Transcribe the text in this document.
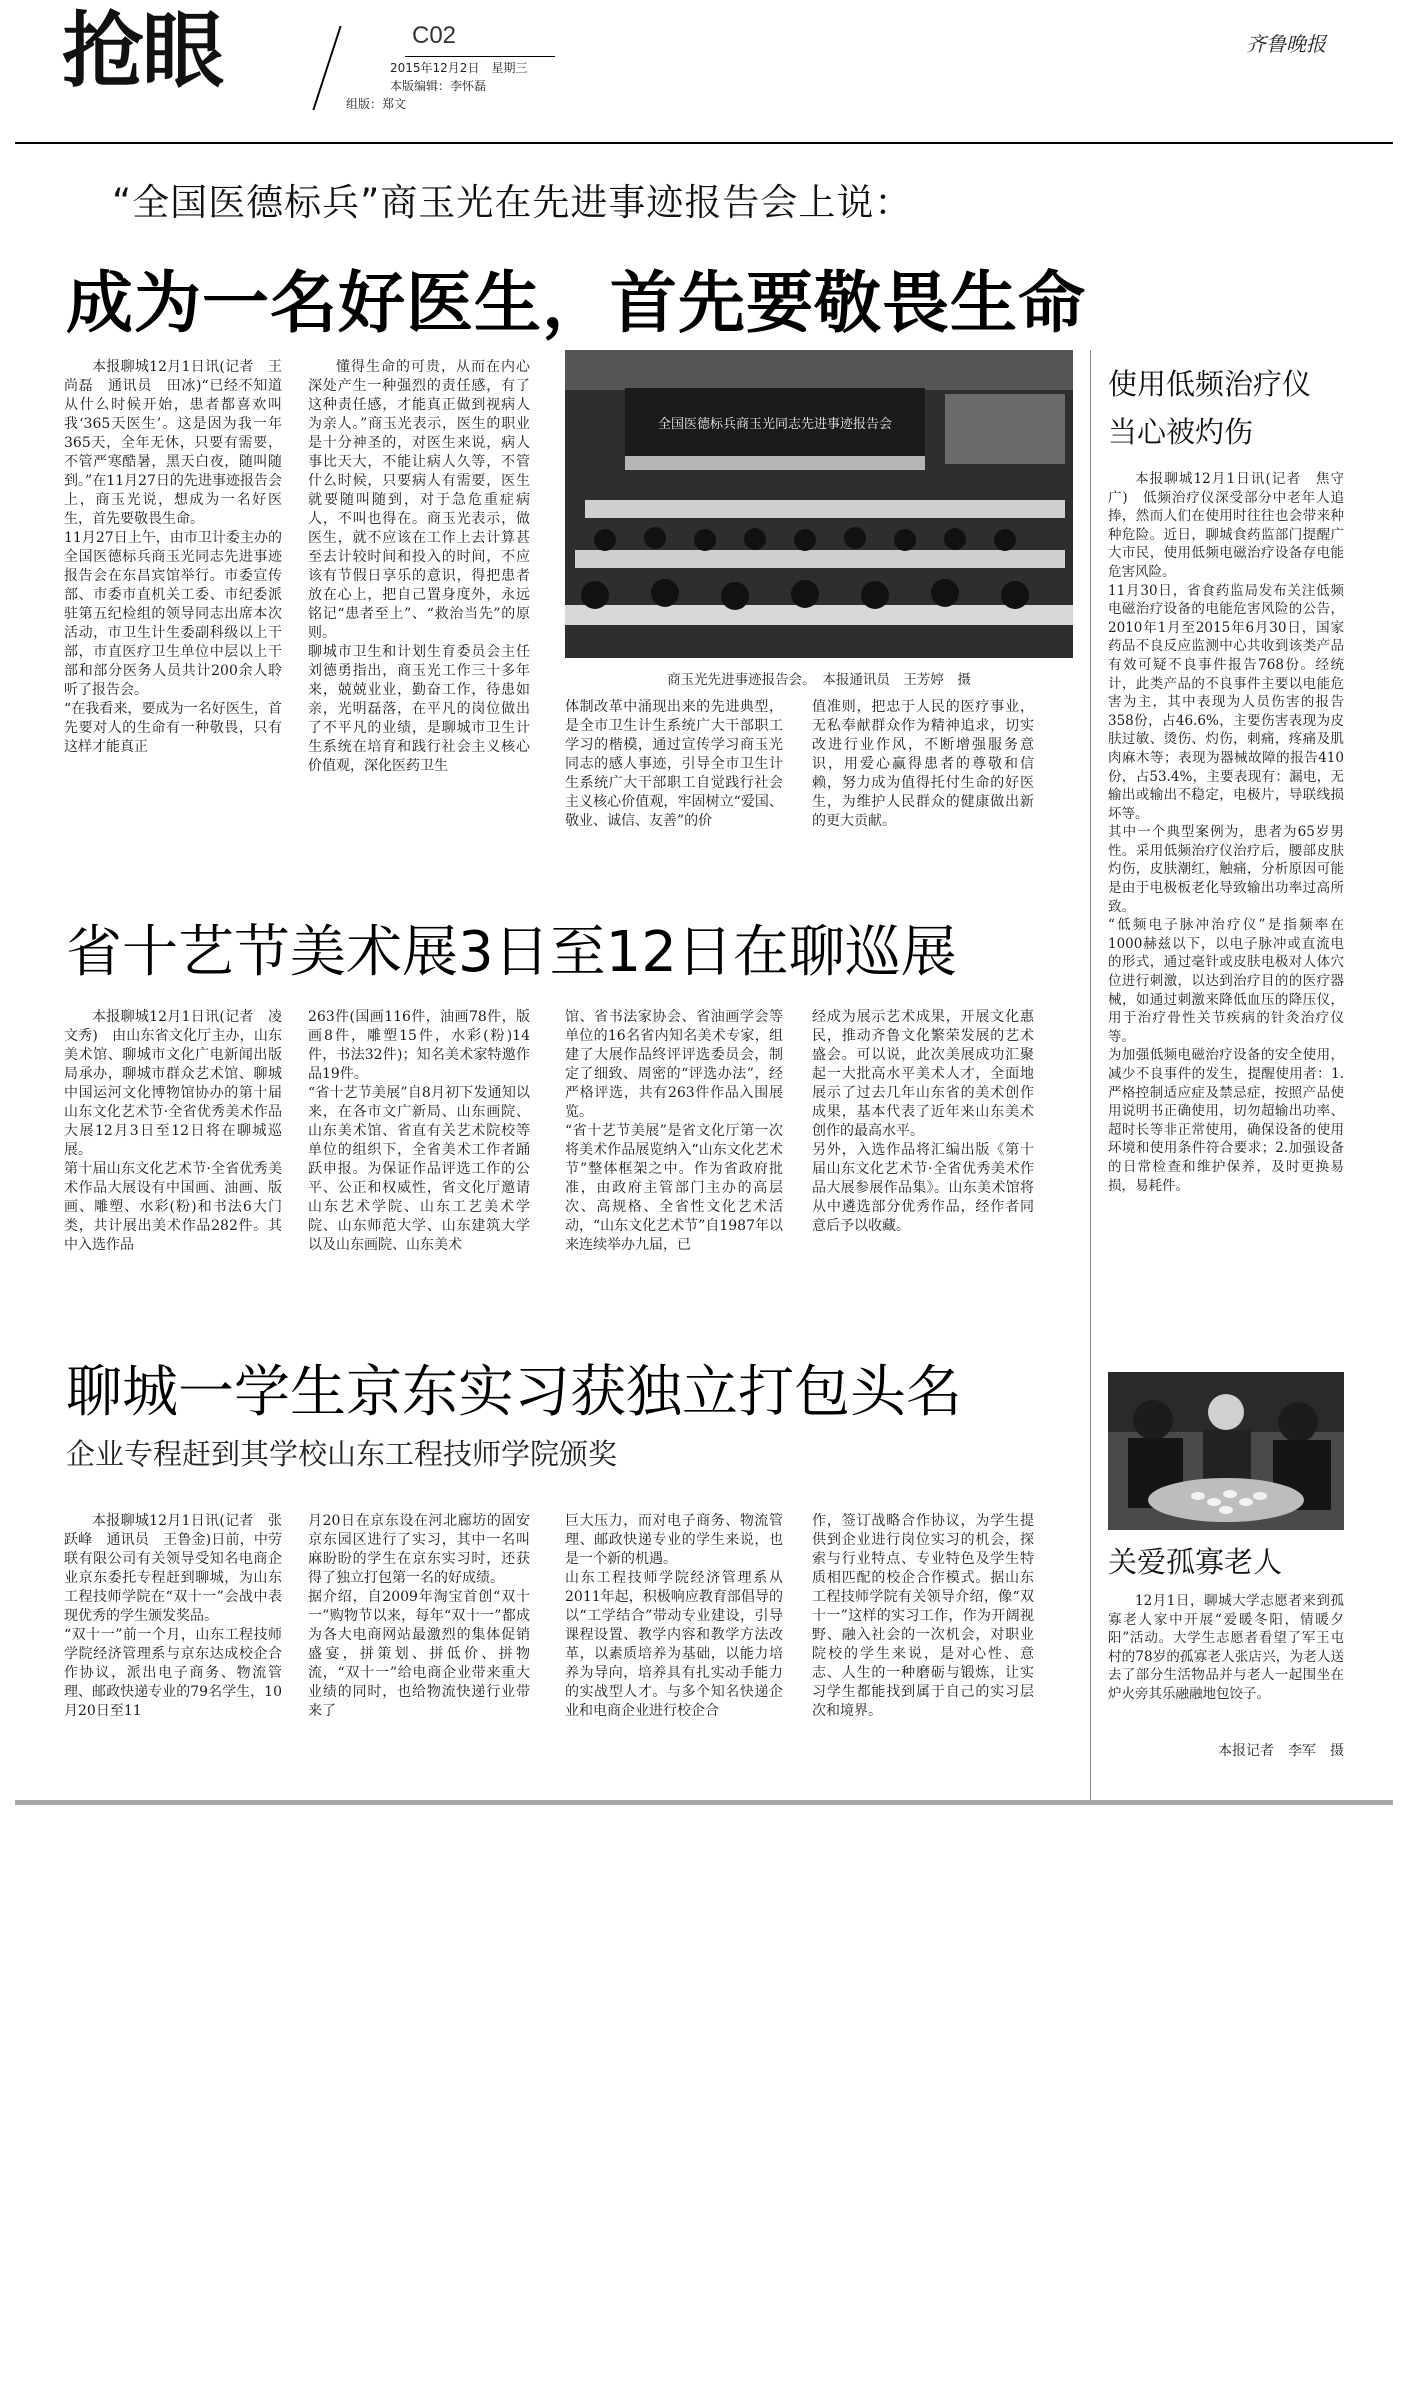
抢眼	C02
2015年12月2日　星期三
本版编辑：李怀磊
组版：郑文
齐鲁晚报
“全国医德标兵”商玉光在先进事迹报告会上说：
成为一名好医生，首先要敬畏生命

本报聊城12月1日讯(记者　王尚磊　通讯员　田冰)“已经不知道从什么时候开始，患者都喜欢叫我‘365天医生’。这是因为我一年365天，全年无休，只要有需要，不管严寒酷暑，黑天白夜，随叫随到。”在11月27日的先进事迹报告会上，商玉光说，想成为一名好医生，首先要敬畏生命。
11月27日上午，由市卫计委主办的全国医德标兵商玉光同志先进事迹报告会在东昌宾馆举行。市委宣传部、市委市直机关工委、市纪委派驻第五纪检组的领导同志出席本次活动，市卫生计生委副科级以上干部，市直医疗卫生单位中层以上干部和部分医务人员共计200余人聆听了报告会。
“在我看来，要成为一名好医生，首先要对人的生命有一种敬畏，只有这样才能真正

懂得生命的可贵，从而在内心深处产生一种强烈的责任感，有了这种责任感，才能真正做到视病人为亲人。”商玉光表示，医生的职业是十分神圣的，对医生来说，病人事比天大，不能让病人久等，不管什么时候，只要病人有需要，医生就要随叫随到，对于急危重症病人，不叫也得在。商玉光表示，做医生，就不应该在工作上去计算甚至去计较时间和投入的时间，不应该有节假日享乐的意识，得把患者放在心上，把自己置身度外，永远铭记“患者至上”、“救治当先”的原则。
聊城市卫生和计划生育委员会主任刘德勇指出，商玉光工作三十多年来，兢兢业业，勤奋工作，待患如亲，光明磊落，在平凡的岗位做出了不平凡的业绩，是聊城市卫生计生系统在培育和践行社会主义核心价值观，深化医药卫生

全国医德标兵商玉光同志先进事迹报告会
商玉光先进事迹报告会。　本报通讯员　王芳婷　摄

体制改革中涌现出来的先进典型，是全市卫生计生系统广大干部职工学习的楷模，通过宣传学习商玉光同志的感人事迹，引导全市卫生计生系统广大干部职工自觉践行社会主义核心价值观，牢固树立“爱国、敬业、诚信、友善”的价

值准则，把忠于人民的医疗事业，无私奉献群众作为精神追求，切实改进行业作风，不断增强服务意识，用爱心赢得患者的尊敬和信赖，努力成为值得托付生命的好医生，为维护人民群众的健康做出新的更大贡献。

使用低频治疗仪
当心被灼伤

本报聊城12月1日讯(记者　焦守广)　低频治疗仪深受部分中老年人追捧，然而人们在使用时往往也会带来种种危险。近日，聊城食药监部门提醒广大市民，使用低频电磁治疗设备存电能危害风险。
11月30日，省食药监局发布关注低频电磁治疗设备的电能危害风险的公告，2010年1月至2015年6月30日，国家药品不良反应监测中心共收到该类产品有效可疑不良事件报告768份。经统计，此类产品的不良事件主要以电能危害为主，其中表现为人员伤害的报告358份，占46.6%，主要伤害表现为皮肤过敏、烫伤、灼伤，刺痛，疼痛及肌肉麻木等；表现为器械故障的报告410份，占53.4%，主要表现有：漏电，无输出或输出不稳定，电极片，导联线损坏等。
其中一个典型案例为，患者为65岁男性。采用低频治疗仪治疗后，腰部皮肤灼伤，皮肤潮红，触痛，分析原因可能是由于电极板老化导致输出功率过高所致。
“低频电子脉冲治疗仪”是指频率在1000赫兹以下，以电子脉冲或直流电的形式，通过毫针或皮肤电极对人体穴位进行刺激，以达到治疗目的的医疗器械，如通过刺激来降低血压的降压仪，用于治疗骨性关节疾病的针灸治疗仪等。
为加强低频电磁治疗设备的安全使用，减少不良事件的发生，提醒使用者：1.严格控制适应症及禁忌症，按照产品使用说明书正确使用，切勿超输出功率、超时长等非正常使用，确保设备的使用环境和使用条件符合要求；2.加强设备的日常检查和维护保养，及时更换易损，易耗件。

关爱孤寡老人

12月1日，聊城大学志愿者来到孤寡老人家中开展“爱暖冬阳，情暖夕阳”活动。大学生志愿者看望了军王屯村的78岁的孤寡老人张店兴，为老人送去了部分生活物品并与老人一起围坐在炉火旁其乐融融地包饺子。

本报记者　李军　摄
省十艺节美术展3日至12日在聊巡展

本报聊城12月1日讯(记者　凌文秀)　由山东省文化厅主办，山东美术馆、聊城市文化广电新闻出版局承办，聊城市群众艺术馆、聊城中国运河文化博物馆协办的第十届山东文化艺术节·全省优秀美术作品大展12月3日至12日将在聊城巡展。
第十届山东文化艺术节·全省优秀美术作品大展设有中国画、油画、版画、雕塑、水彩(粉)和书法6大门类，共计展出美术作品282件。其中入选作品

263件(国画116件，油画78件，版画8件，雕塑15件，水彩(粉)14件，书法32件)；知名美术家特邀作品19件。
“省十艺节美展”自8月初下发通知以来，在各市文广新局、山东画院、山东美术馆、省直有关艺术院校等单位的组织下，全省美术工作者踊跃申报。为保证作品评选工作的公平、公正和权威性，省文化厅邀请山东艺术学院、山东工艺美术学院、山东师范大学、山东建筑大学以及山东画院、山东美术

馆、省书法家协会、省油画学会等单位的16名省内知名美术专家，组建了大展作品终评评选委员会，制定了细致、周密的“评选办法”，经严格评选，共有263件作品入围展览。
“省十艺节美展”是省文化厅第一次将美术作品展览纳入“山东文化艺术节”整体框架之中。作为省政府批准，由政府主管部门主办的高层次、高规格、全省性文化艺术活动，“山东文化艺术节”自1987年以来连续举办九届，已

经成为展示艺术成果，开展文化惠民，推动齐鲁文化繁荣发展的艺术盛会。可以说，此次美展成功汇聚起一大批高水平美术人才，全面地展示了过去几年山东省的美术创作成果，基本代表了近年来山东美术创作的最高水平。
另外，入选作品将汇编出版《第十届山东文化艺术节·全省优秀美术作品大展参展作品集》。山东美术馆将从中遴选部分优秀作品，经作者同意后予以收藏。

聊城一学生京东实习获独立打包头名
企业专程赶到其学校山东工程技师学院颁奖

本报聊城12月1日讯(记者　张跃峰　通讯员　王鲁金)日前，中劳联有限公司有关领导受知名电商企业京东委托专程赶到聊城，为山东工程技师学院在“双十一”会战中表现优秀的学生颁发奖品。
“双十一”前一个月，山东工程技师学院经济管理系与京东达成校企合作协议，派出电子商务、物流管理、邮政快递专业的79名学生，10月20日至11

月20日在京东设在河北廊坊的固安京东园区进行了实习，其中一名叫麻盼盼的学生在京东实习时，还获得了独立打包第一名的好成绩。
据介绍，自2009年淘宝首创“双十一”购物节以来，每年“双十一”都成为各大电商网站最激烈的集体促销盛宴，拼策划、拼低价、拼物流，“双十一”给电商企业带来重大业绩的同时，也给物流快递行业带来了

巨大压力，而对电子商务、物流管理、邮政快递专业的学生来说，也是一个新的机遇。
山东工程技师学院经济管理系从2011年起，积极响应教育部倡导的以“工学结合”带动专业建设，引导课程设置、教学内容和教学方法改革，以素质培养为基础，以能力培养为导向，培养具有扎实动手能力的实战型人才。与多个知名快递企业和电商企业进行校企合

作，签订战略合作协议，为学生提供到企业进行岗位实习的机会，探索与行业特点、专业特色及学生特质相匹配的校企合作模式。据山东工程技师学院有关领导介绍，像“双十一”这样的实习工作，作为开阔视野、融入社会的一次机会，对职业院校的学生来说，是对心性、意志、人生的一种磨砺与锻炼，让实习学生都能找到属于自己的实习层次和境界。
